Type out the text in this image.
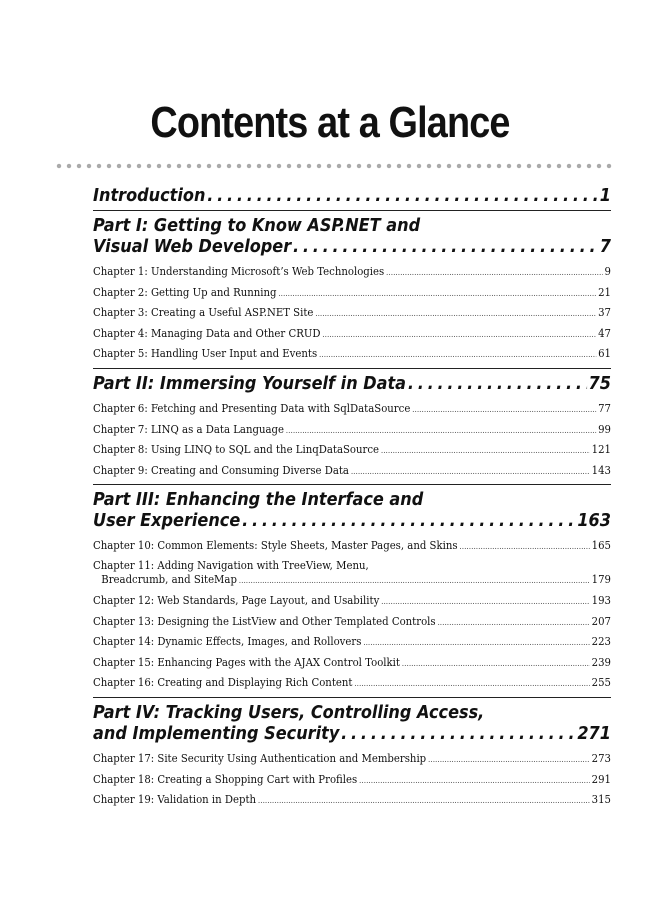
Contents at a Glance
Introduction . . .	1
Part I: Getting to Know ASP.NET and
Visual Web Developer . . .	7
Chapter 1: Understanding Microsoft’s Web Technologies .....	9
Chapter 2: Getting Up and Running .....	21
Chapter 3: Creating a Useful ASP.NET Site .....	37
Chapter 4: Managing Data and Other CRUD .....	47
Chapter 5: Handling User Input and Events .....	61
Part II: Immersing Yourself in Data . . .	75
Chapter 6: Fetching and Presenting Data with SqlDataSource .....	77
Chapter 7: LINQ as a Data Language .....	99
Chapter 8: Using LINQ to SQL and the LinqDataSource .....	121
Chapter 9: Creating and Consuming Diverse Data .....	143
Part III: Enhancing the Interface and
User Experience . . .	163
Chapter 10: Common Elements: Style Sheets, Master Pages, and Skins .....	165
Chapter 11: Adding Navigation with TreeView, Menu,
Breadcrumb, and SiteMap .....	179
Chapter 12: Web Standards, Page Layout, and Usability .....	193
Chapter 13: Designing the ListView and Other Templated Controls .....	207
Chapter 14: Dynamic Effects, Images, and Rollovers .....	223
Chapter 15: Enhancing Pages with the AJAX Control Toolkit .....	239
Chapter 16: Creating and Displaying Rich Content .....	255
Part IV: Tracking Users, Controlling Access,
and Implementing Security . . .	271
Chapter 17: Site Security Using Authentication and Membership .....	273
Chapter 18: Creating a Shopping Cart with Profiles .....	291
Chapter 19: Validation in Depth .....	315
